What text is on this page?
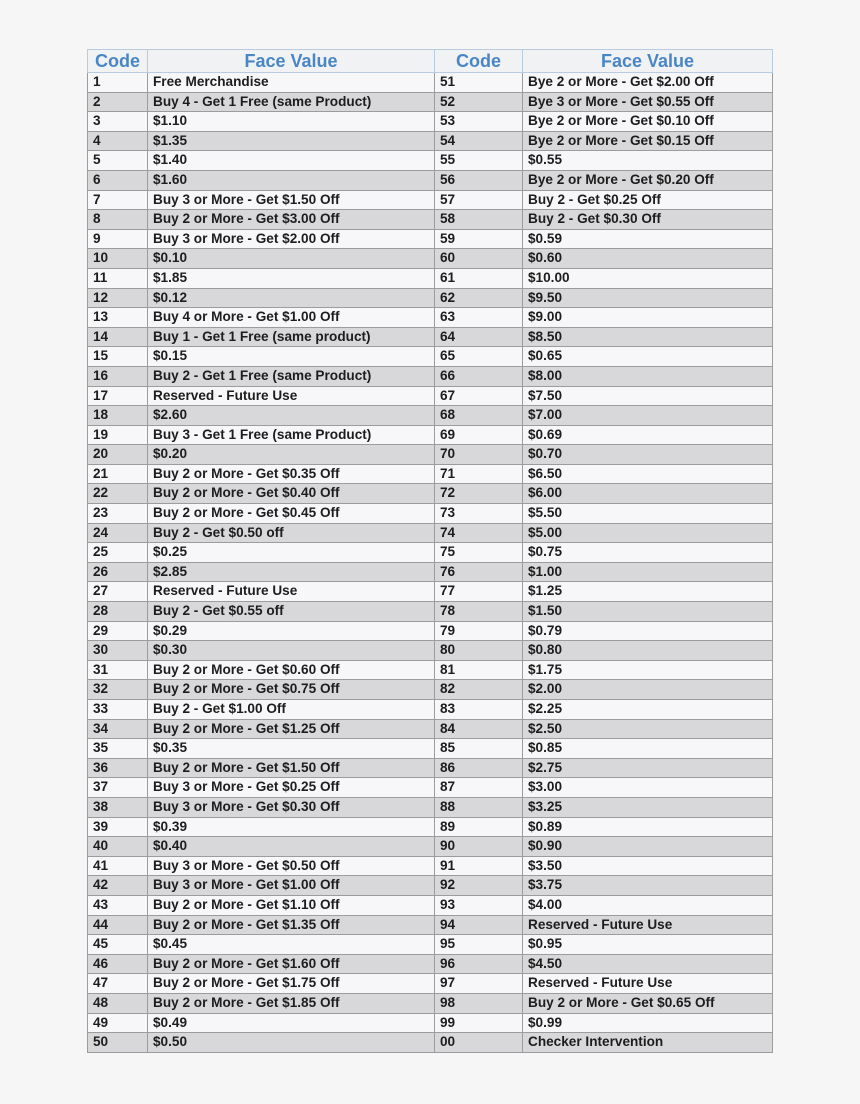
Code	Face Value	Code	Face Value
1	Free Merchandise	51	Bye 2 or More - Get $2.00 Off
2	Buy 4 - Get 1 Free (same Product)	52	Bye 3 or More - Get $0.55 Off
3	$1.10	53	Bye 2 or More - Get $0.10 Off
4	$1.35	54	Bye 2 or More - Get $0.15 Off
5	$1.40	55	$0.55
6	$1.60	56	Bye 2 or More - Get $0.20 Off
7	Buy 3 or More - Get $1.50 Off	57	Buy 2 - Get $0.25 Off
8	Buy 2 or More - Get $3.00 Off	58	Buy 2 - Get $0.30 Off
9	Buy 3 or More - Get $2.00 Off	59	$0.59
10	$0.10	60	$0.60
11	$1.85	61	$10.00
12	$0.12	62	$9.50
13	Buy 4 or More - Get $1.00 Off	63	$9.00
14	Buy 1 - Get 1 Free (same product)	64	$8.50
15	$0.15	65	$0.65
16	Buy 2 - Get 1 Free (same Product)	66	$8.00
17	Reserved - Future Use	67	$7.50
18	$2.60	68	$7.00
19	Buy 3 - Get 1 Free (same Product)	69	$0.69
20	$0.20	70	$0.70
21	Buy 2 or More - Get $0.35 Off	71	$6.50
22	Buy 2 or More - Get $0.40 Off	72	$6.00
23	Buy 2 or More - Get $0.45 Off	73	$5.50
24	Buy 2 - Get $0.50 off	74	$5.00
25	$0.25	75	$0.75
26	$2.85	76	$1.00
27	Reserved - Future Use	77	$1.25
28	Buy 2 - Get $0.55 off	78	$1.50
29	$0.29	79	$0.79
30	$0.30	80	$0.80
31	Buy 2 or More - Get $0.60 Off	81	$1.75
32	Buy 2 or More - Get $0.75 Off	82	$2.00
33	Buy 2 - Get $1.00 Off	83	$2.25
34	Buy 2 or More - Get $1.25 Off	84	$2.50
35	$0.35	85	$0.85
36	Buy 2 or More - Get $1.50 Off	86	$2.75
37	Buy 3 or More - Get $0.25 Off	87	$3.00
38	Buy 3 or More - Get $0.30 Off	88	$3.25
39	$0.39	89	$0.89
40	$0.40	90	$0.90
41	Buy 3 or More - Get $0.50 Off	91	$3.50
42	Buy 3 or More - Get $1.00 Off	92	$3.75
43	Buy 2 or More - Get $1.10 Off	93	$4.00
44	Buy 2 or More - Get $1.35 Off	94	Reserved - Future Use
45	$0.45	95	$0.95
46	Buy 2 or More - Get $1.60 Off	96	$4.50
47	Buy 2 or More - Get $1.75 Off	97	Reserved - Future Use
48	Buy 2 or More - Get $1.85 Off	98	Buy 2 or More - Get $0.65 Off
49	$0.49	99	$0.99
50	$0.50	00	Checker Intervention
